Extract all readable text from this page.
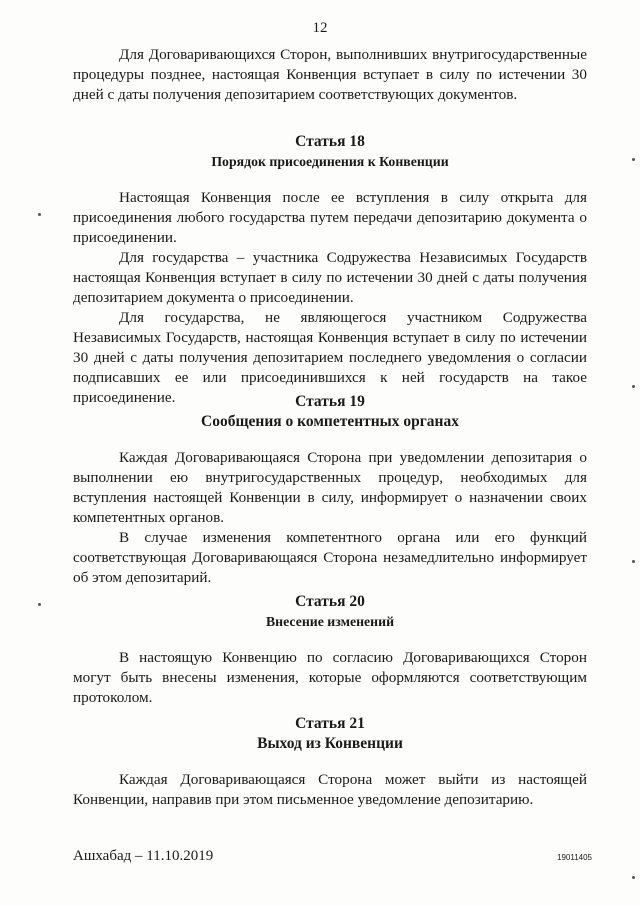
12

Для Договаривающихся Сторон, выполнивших внутригосударственные процедуры позднее, настоящая Конвенция вступает в силу по истечении 30 дней с даты получения депозитарием соответствующих документов.

Статья 18

Порядок присоединения к Конвенции

Настоящая Конвенция после ее вступления в силу открыта для присоединения любого государства путем передачи депозитарию документа о присоединении.

Для государства – участника Содружества Независимых Государств настоящая Конвенция вступает в силу по истечении 30 дней с даты получения депозитарием документа о присоединении.

Для государства, не являющегося участником Содружества Независимых Государств, настоящая Конвенция вступает в силу по истечении 30 дней с даты получения депозитарием последнего уведомления о согласии подписавших ее или присоединившихся к ней государств на такое присоединение.	Статья 19

Сообщения о компетентных органах

Каждая Договаривающаяся Сторона при уведомлении депозитария о выполнении ею внутригосударственных процедур, необходимых для вступления настоящей Конвенции в силу, информирует о назначении своих компетентных органов.

В случае изменения компетентного органа или его функций соответствующая Договаривающаяся Сторона незамедлительно информирует об этом депозитарий.

Статья 20

Внесение изменений

В настоящую Конвенцию по согласию Договаривающихся Сторон могут быть внесены изменения, которые оформляются соответствующим протоколом.

Статья 21

Выход из Конвенции

Каждая Договаривающаяся Сторона может выйти из настоящей Конвенции, направив при этом письменное уведомление депозитарию.

Ашхабад – 11.10.2019	19011405
